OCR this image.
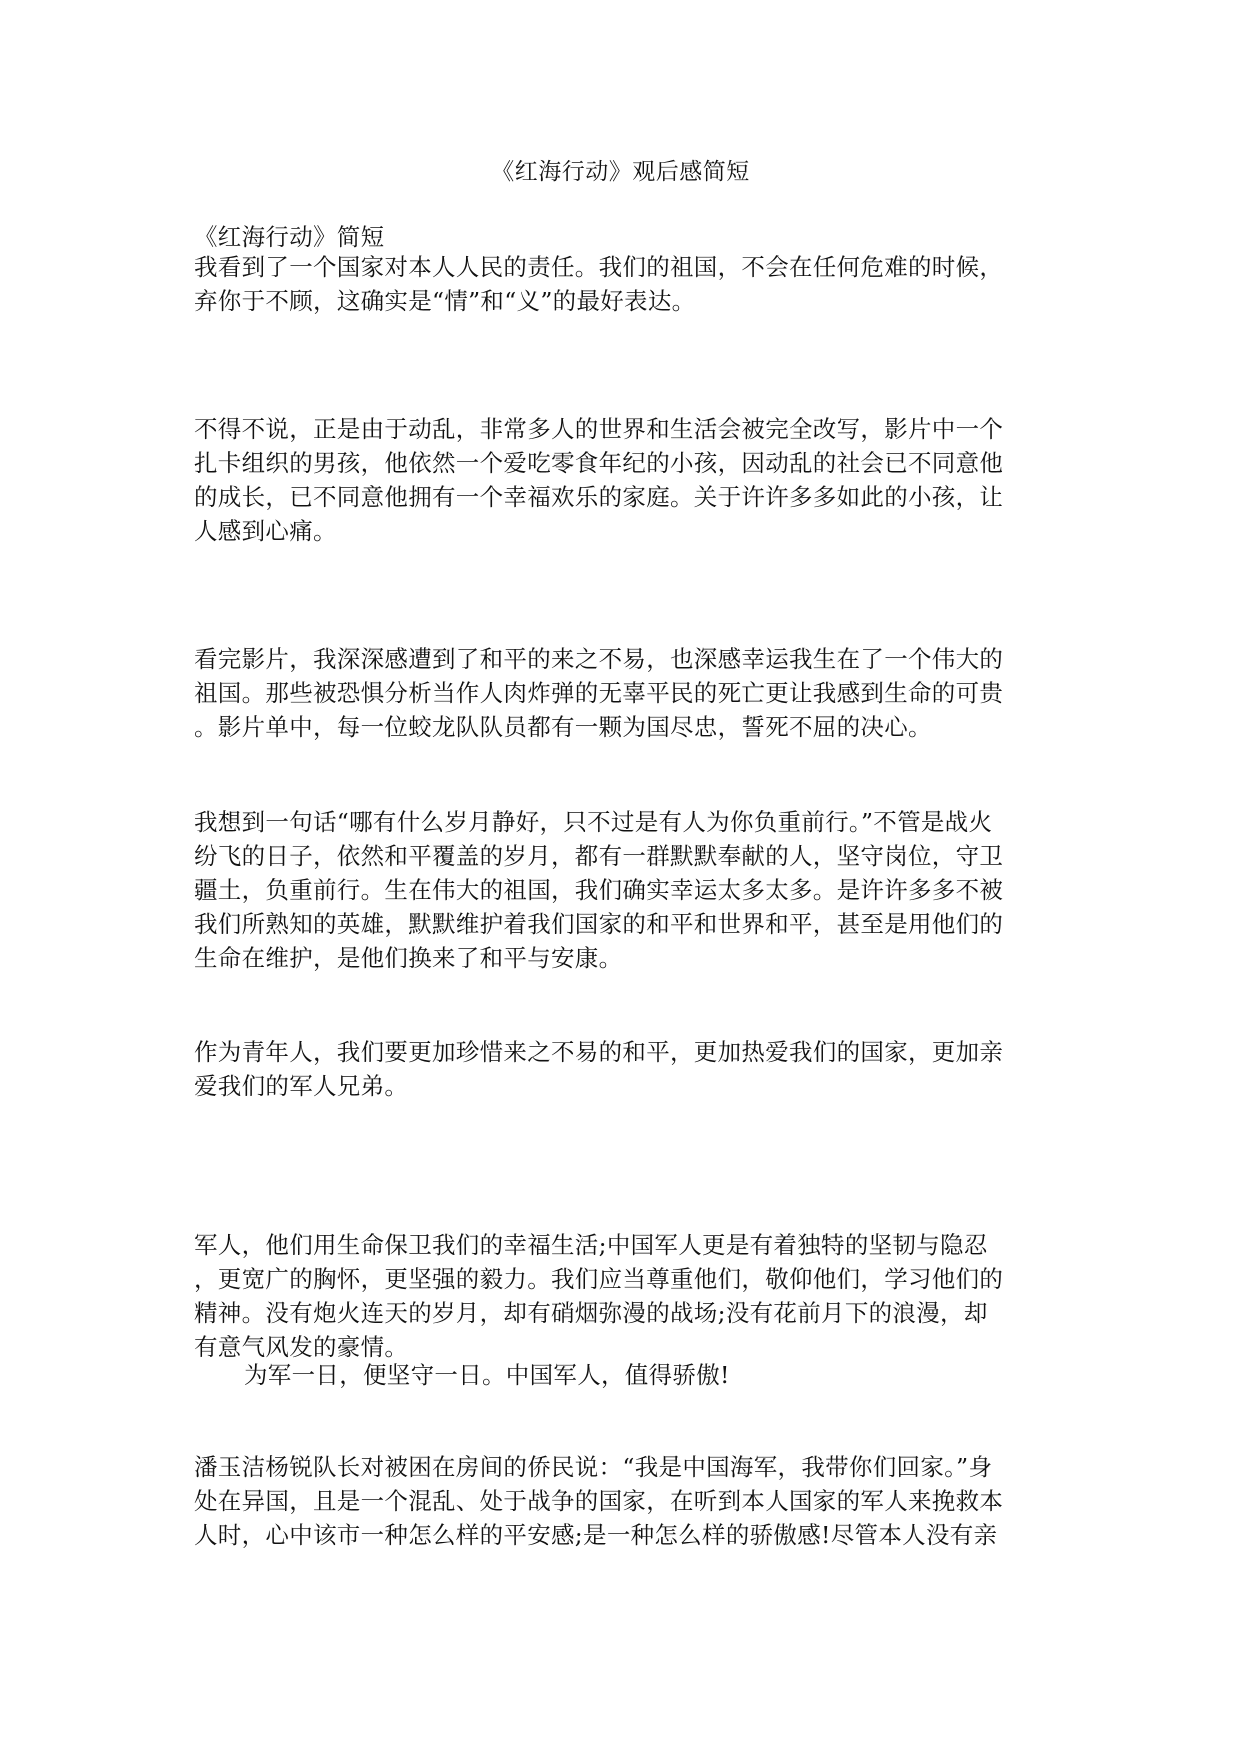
《红海行动》观后感简短

《红海行动》简短

我看到了一个国家对本人人民的责任。我们的祖国，不会在任何危难的时候，
弃你于不顾，这确实是“情”和“义”的最好表达。

不得不说，正是由于动乱，非常多人的世界和生活会被完全改写，影片中一个
扎卡组织的男孩，他依然一个爱吃零食年纪的小孩，因动乱的社会已不同意他
的成长，已不同意他拥有一个幸福欢乐的家庭。关于许许多多如此的小孩，让
人感到心痛。

看完影片，我深深感遭到了和平的来之不易，也深感幸运我生在了一个伟大的
祖国。那些被恐惧分析当作人肉炸弹的无辜平民的死亡更让我感到生命的可贵
。影片单中，每一位蛟龙队队员都有一颗为国尽忠，誓死不屈的决心。

我想到一句话“哪有什么岁月静好，只不过是有人为你负重前行。”不管是战火
纷飞的日子，依然和平覆盖的岁月，都有一群默默奉献的人，坚守岗位，守卫
疆土，负重前行。生在伟大的祖国，我们确实幸运太多太多。是许许多多不被
我们所熟知的英雄，默默维护着我们国家的和平和世界和平，甚至是用他们的
生命在维护，是他们换来了和平与安康。

作为青年人，我们要更加珍惜来之不易的和平，更加热爱我们的国家，更加亲
爱我们的军人兄弟。

军人，他们用生命保卫我们的幸福生活;中国军人更是有着独特的坚韧与隐忍
，更宽广的胸怀，更坚强的毅力。我们应当尊重他们，敬仰他们，学习他们的
精神。没有炮火连天的岁月，却有硝烟弥漫的战场;没有花前月下的浪漫，却
有意气风发的豪情。

为军一日，便坚守一日。中国军人，值得骄傲!

潘玉洁杨锐队长对被困在房间的侨民说：“我是中国海军，我带你们回家。”身
处在异国，且是一个混乱、处于战争的国家，在听到本人国家的军人来挽救本
人时，心中该市一种怎么样的平安感;是一种怎么样的骄傲感!尽管本人没有亲
